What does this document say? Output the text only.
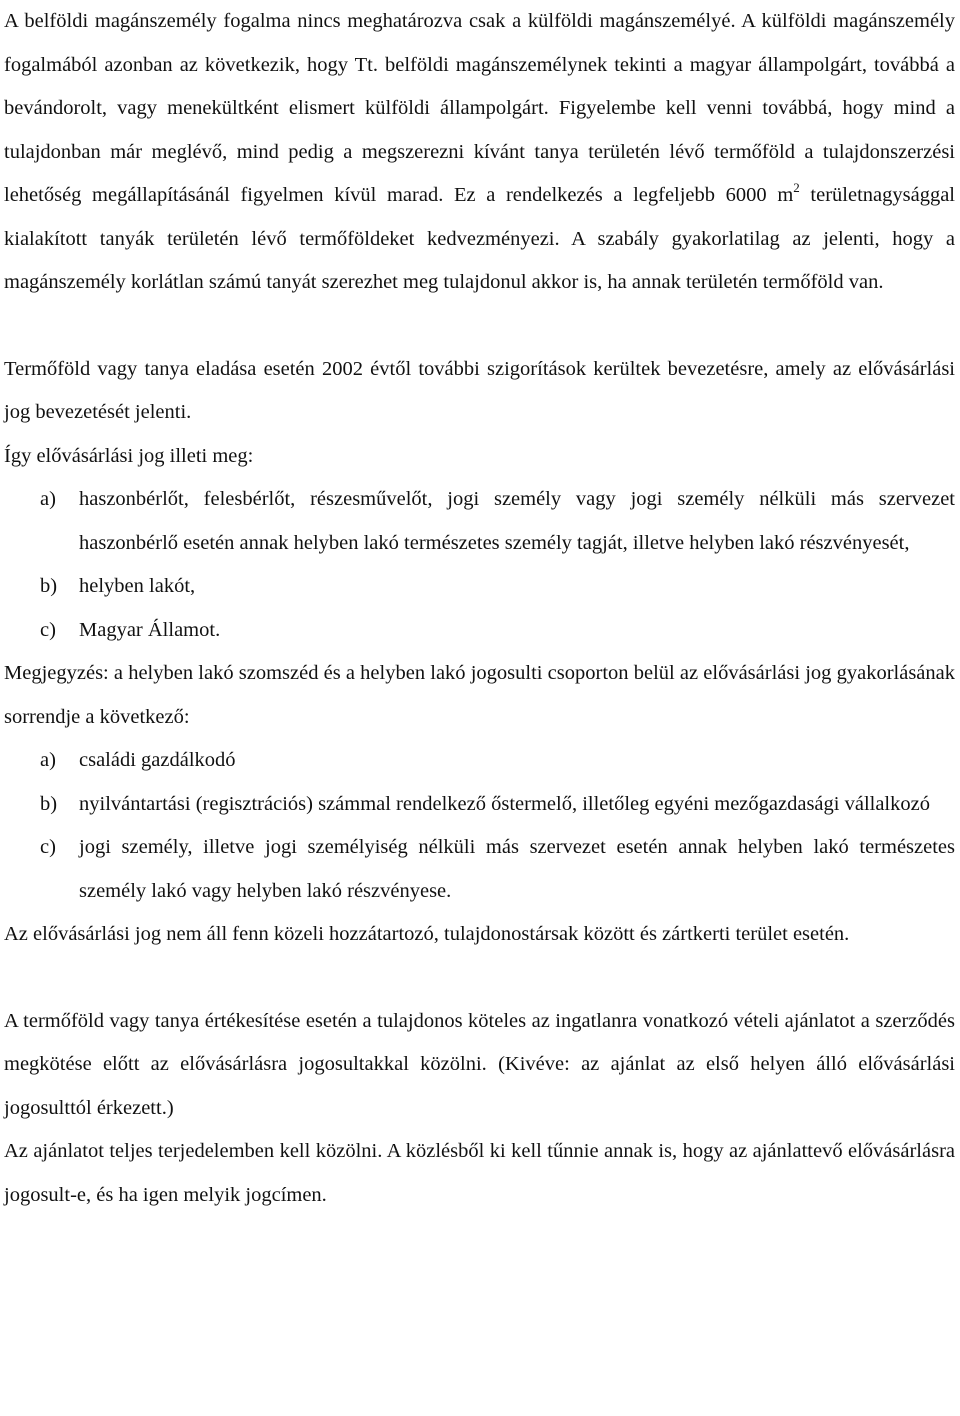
A belföldi magánszemély fogalma nincs meghatározva csak a külföldi magánszemélyé. A külföldi magánszemély fogalmából azonban az következik, hogy Tt. belföldi magánszemélynek tekinti a magyar állampolgárt, továbbá a bevándorolt, vagy menekültként elismert külföldi állampolgárt. Figyelembe kell venni továbbá, hogy mind a tulajdonban már meglévő, mind pedig a megszerezni kívánt tanya területén lévő termőföld a tulajdonszerzési lehetőség megállapításánál figyelmen kívül marad. Ez a rendelkezés a legfeljebb 6000 $m^2$ területnagysággal kialakított tanyák területén lévő termőföldeket kedvezményezi. A szabály gyakorlatilag az jelenti, hogy a magánszemély korlátlan számú tanyát szerezhet meg tulajdonul akkor is, ha annak területén termőföld van.

Termőföld vagy tanya eladása esetén 2002 évtől további szigorítások kerültek bevezetésre, amely az elővásárlási jog bevezetését jelenti.

Így elővásárlási jog illeti meg:

a)	haszonbérlőt, felesbérlőt, részesművelőt, jogi személy vagy jogi személy nélküli más szervezet haszonbérlő esetén annak helyben lakó természetes személy tagját, illetve helyben lakó részvényesét,
b)	helyben lakót,
c)	Magyar Államot.

Megjegyzés: a helyben lakó szomszéd és a helyben lakó jogosulti csoporton belül az elővásárlási jog gyakorlásának sorrendje a következő:

a)	családi gazdálkodó
b)	nyilvántartási (regisztrációs) számmal rendelkező őstermelő, illetőleg egyéni mezőgazdasági vállalkozó
c)	jogi személy, illetve jogi személyiség nélküli más szervezet esetén annak helyben lakó természetes személy lakó vagy helyben lakó részvényese.

Az elővásárlási jog nem áll fenn közeli hozzátartozó, tulajdonostársak között és zártkerti terület esetén.

A termőföld vagy tanya értékesítése esetén a tulajdonos köteles az ingatlanra vonatkozó vételi ajánlatot a szerződés megkötése előtt az elővásárlásra jogosultakkal közölni. (Kivéve: az ajánlat az első helyen álló elővásárlási jogosulttól érkezett.)

Az ajánlatot teljes terjedelemben kell közölni. A közlésből ki kell tűnnie annak is, hogy az ajánlattevő elővásárlásra jogosult-e, és ha igen melyik jogcímen.
